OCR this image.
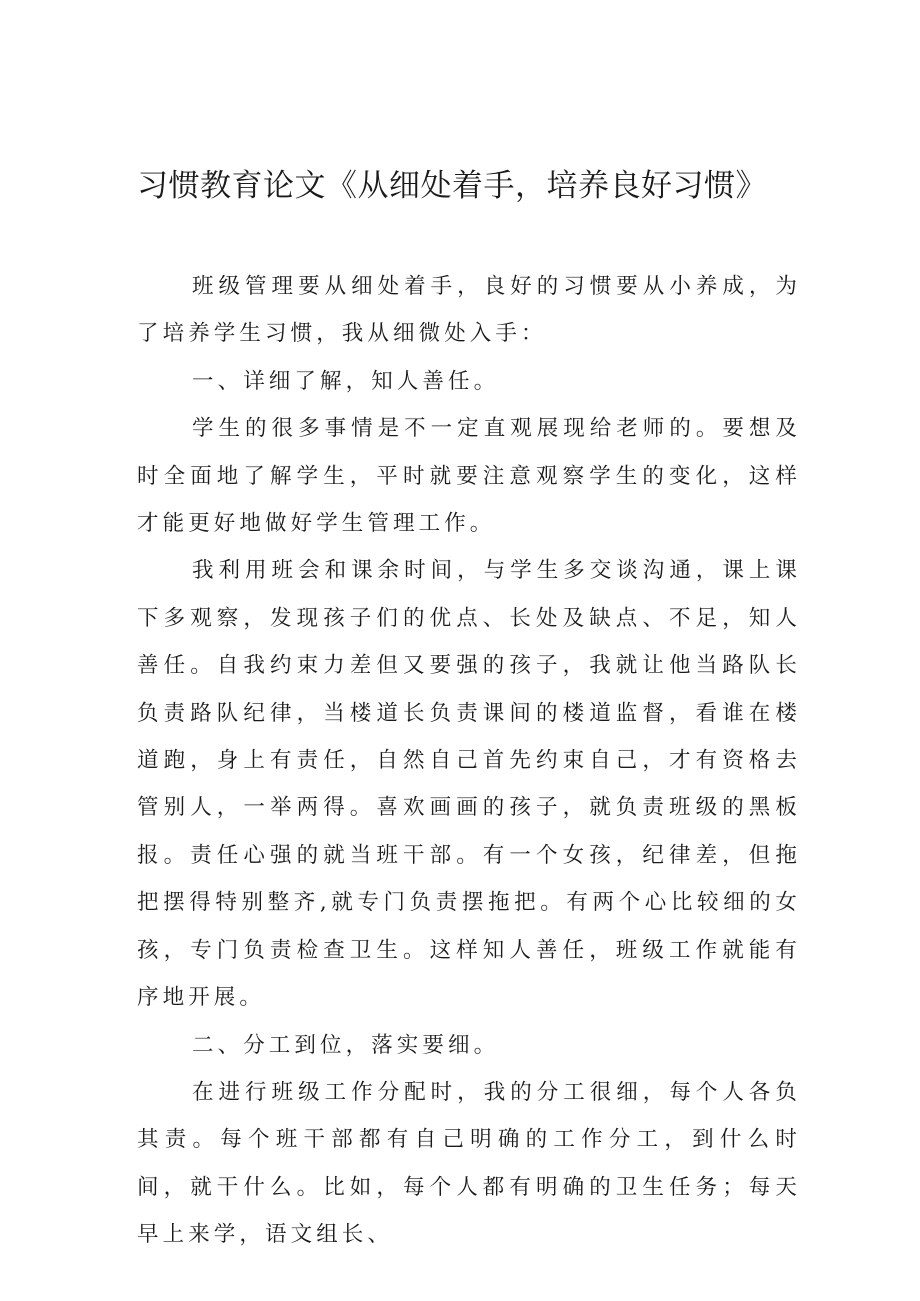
习惯教育论文《从细处着手，培养良好习惯》

班级管理要从细处着手，良好的习惯要从小养成，为了培养学生习惯，我从细微处入手：

一、详细了解，知人善任。

学生的很多事情是不一定直观展现给老师的。要想及时全面地了解学生，平时就要注意观察学生的变化，这样才能更好地做好学生管理工作。

我利用班会和课余时间，与学生多交谈沟通，课上课下多观察，发现孩子们的优点、长处及缺点、不足，知人善任。自我约束力差但又要强的孩子，我就让他当路队长负责路队纪律，当楼道长负责课间的楼道监督，看谁在楼道跑，身上有责任，自然自己首先约束自己，才有资格去管别人，一举两得。喜欢画画的孩子，就负责班级的黑板报。责任心强的就当班干部。有一个女孩，纪律差，但拖把摆得特别整齐,就专门负责摆拖把。有两个心比较细的女孩，专门负责检查卫生。这样知人善任，班级工作就能有序地开展。

二、分工到位，落实要细。

在进行班级工作分配时，我的分工很细，每个人各负其责。每个班干部都有自己明确的工作分工，到什么时间，就干什么。比如，每个人都有明确的卫生任务；每天早上来学，语文组长、
